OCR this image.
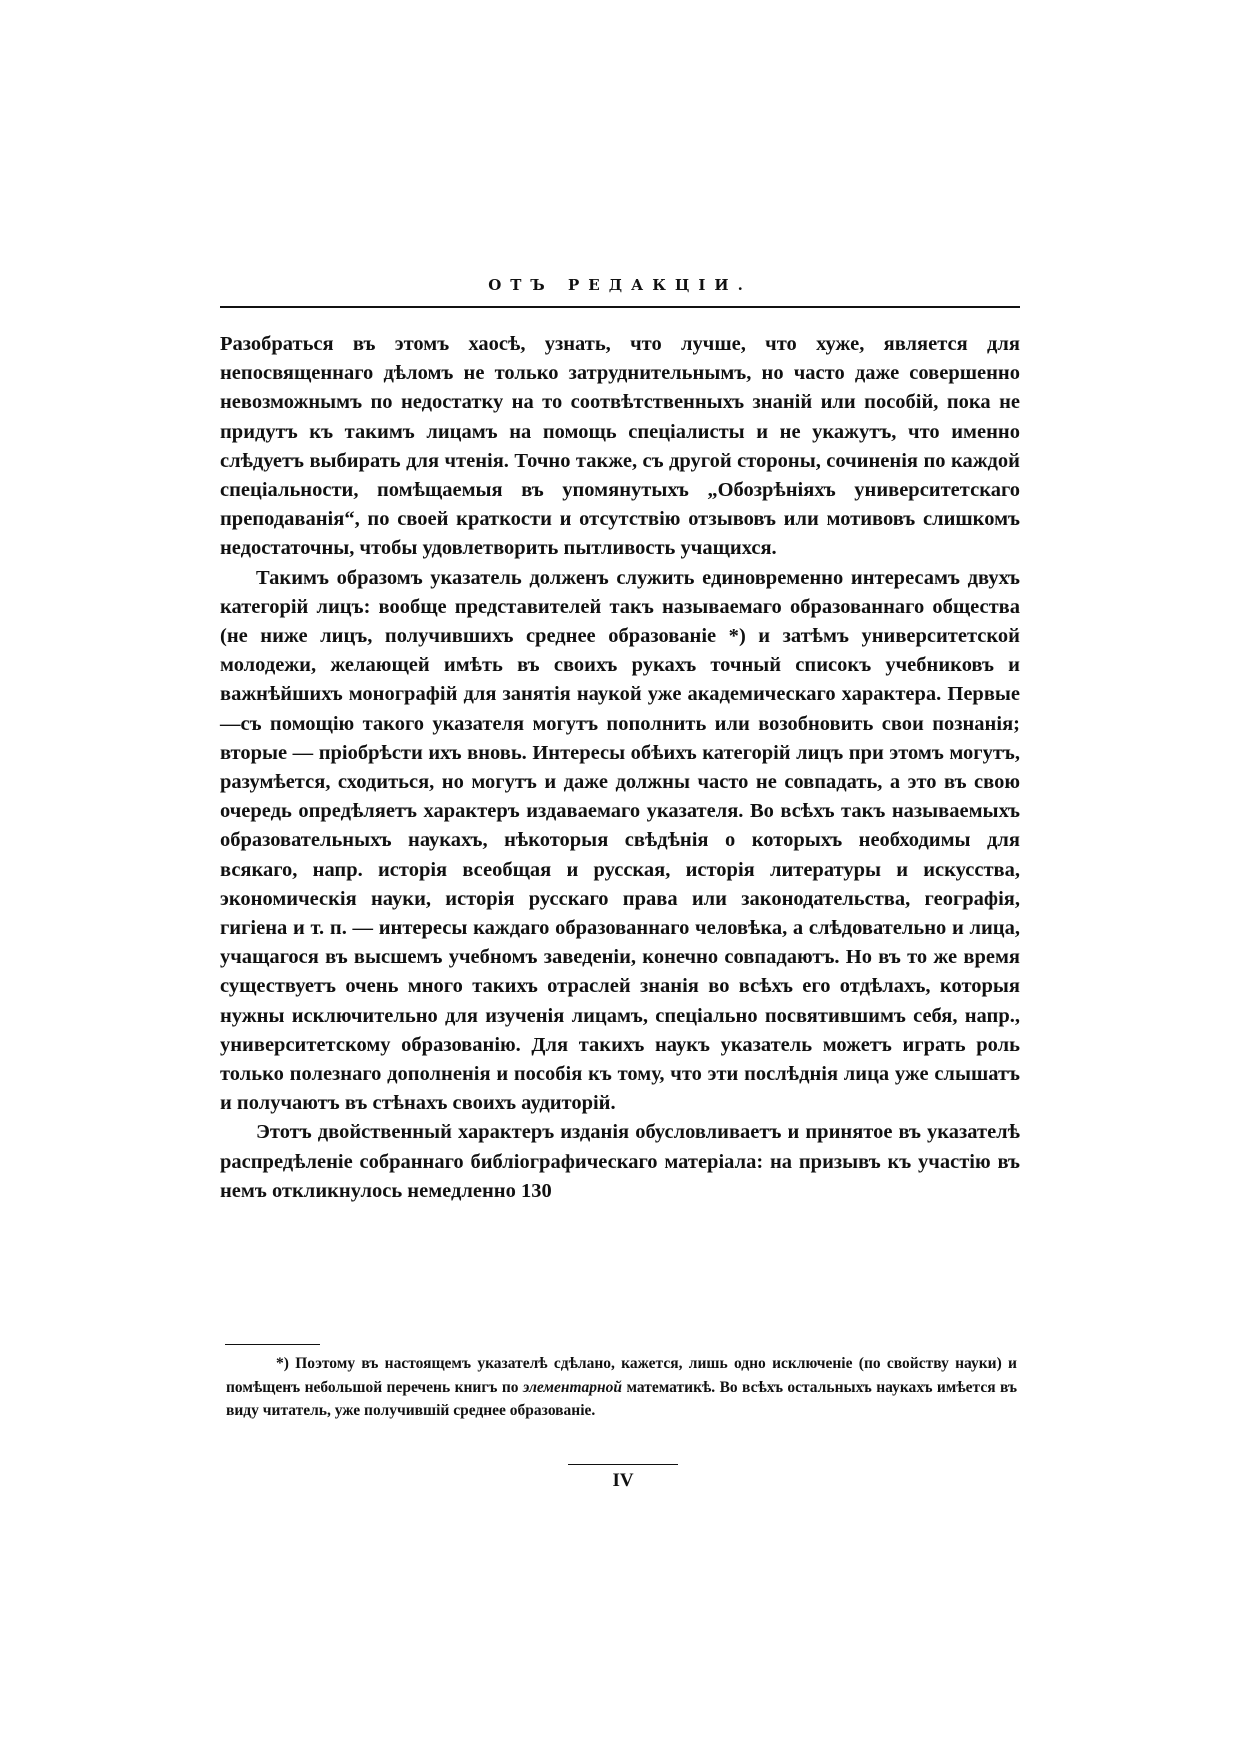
ОТЪ РЕДАКЦІИ.

Разобраться въ этомъ хаосѣ, узнать, что лучше, что хуже, является для непосвященнаго дѣломъ не только затруднительнымъ, но часто даже совершенно невозможнымъ по недостатку на то соотвѣтственныхъ знаній или пособій, пока не придутъ къ такимъ лицамъ на помощь спеціалисты и не укажутъ, что именно слѣдуетъ выбирать для чтенія. Точно также, съ другой стороны, сочиненія по каждой спеціальности, помѣщаемыя въ упомянутыхъ „Обозрѣніяхъ университетскаго преподаванія“, по своей краткости и отсутствію отзывовъ или мотивовъ слишкомъ недостаточны, чтобы удовлетворить пытливость учащихся.

Такимъ образомъ указатель долженъ служить единовременно интересамъ двухъ категорій лицъ: вообще представителей такъ называемаго образованнаго общества (не ниже лицъ, получившихъ среднее образованіе *) и затѣмъ университетской молодежи, желающей имѣть въ своихъ рукахъ точный списокъ учебниковъ и важнѣйшихъ монографій для занятія наукой уже академическаго характера. Первые—съ помощію такого указателя могутъ пополнить или возобновить свои познанія; вторые — пріобрѣсти ихъ вновь. Интересы обѣихъ категорій лицъ при этомъ могутъ, разумѣется, сходиться, но могутъ и даже должны часто не совпадать, а это въ свою очередь опредѣляетъ характеръ издаваемаго указателя. Во всѣхъ такъ называемыхъ образовательныхъ наукахъ, нѣкоторыя свѣдѣнія о которыхъ необходимы для всякаго, напр. исторія всеобщая и русская, исторія литературы и искусства, экономическія науки, исторія русскаго права или законодательства, географія, гигіена и т. п. — интересы каждаго образованнаго человѣка, а слѣдовательно и лица, учащагося въ высшемъ учебномъ заведеніи, конечно совпадаютъ. Но въ то же время существуетъ очень много такихъ отраслей знанія во всѣхъ его отдѣлахъ, которыя нужны исключительно для изученія лицамъ, спеціально посвятившимъ себя, напр., университетскому образованію. Для такихъ наукъ указатель можетъ играть роль только полезнаго дополненія и пособія къ тому, что эти послѣднія лица уже слышатъ и получаютъ въ стѣнахъ своихъ аудиторій.

Этотъ двойственный характеръ изданія обусловливаетъ и принятое въ указателѣ распредѣленіе собраннаго библіографическаго матеріала: на призывъ къ участію въ немъ откликнулось немедленно 130

*) Поэтому въ настоящемъ указателѣ сдѣлано, кажется, лишь одно исключеніе (по свойству науки) и помѣщенъ небольшой перечень книгъ по элементарной математикѣ. Во всѣхъ остальныхъ наукахъ имѣется въ виду читатель, уже получившій среднее образованіе.
IV
